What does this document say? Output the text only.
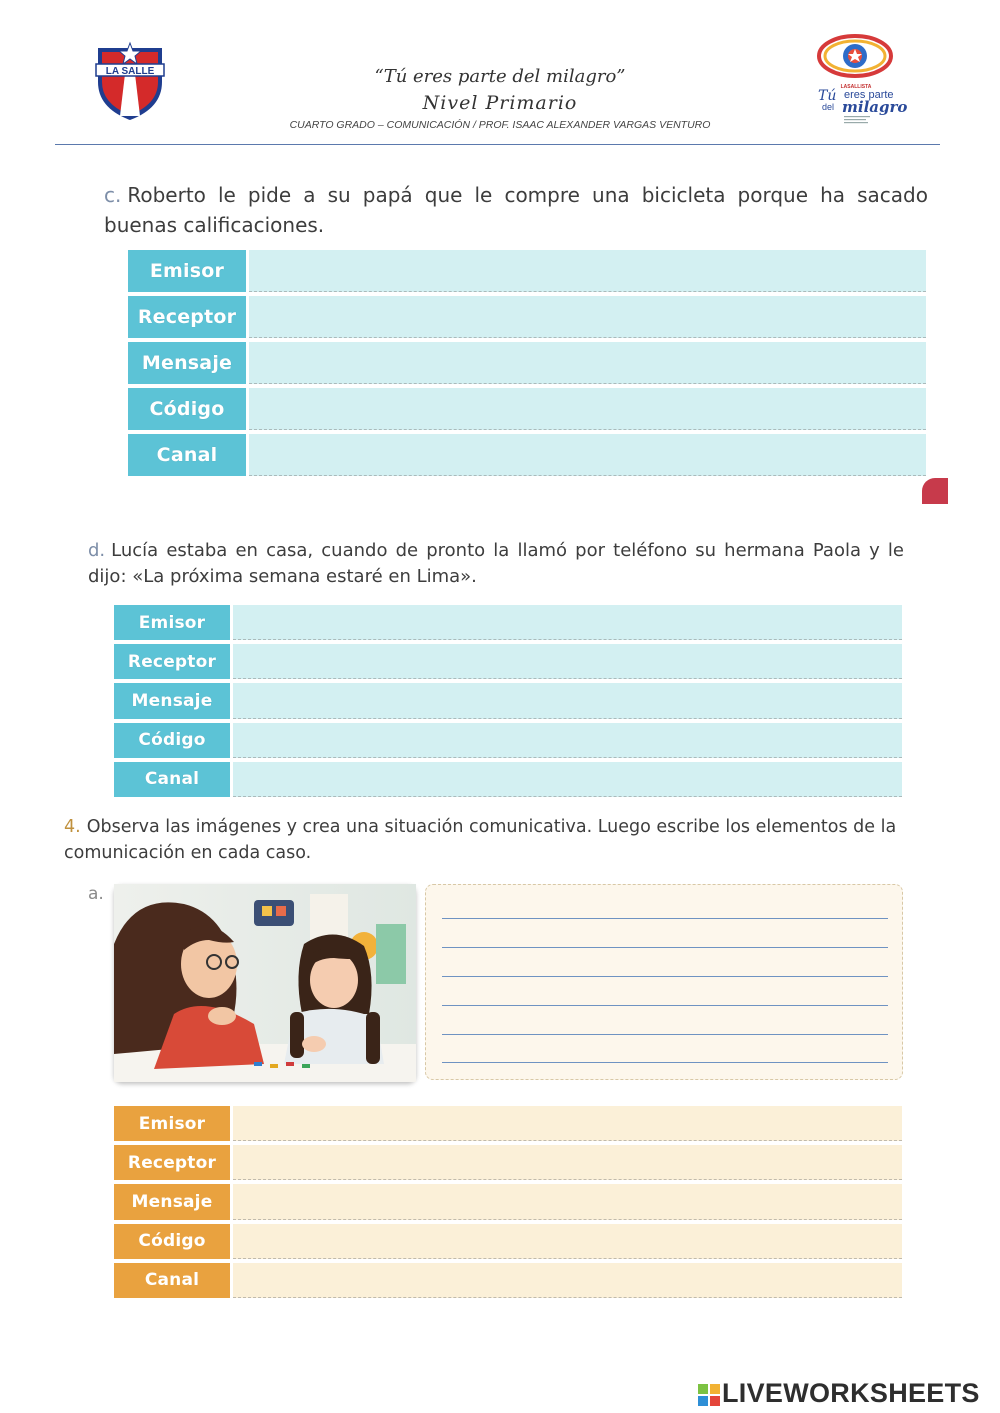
LA SALLE	“Tú eres parte del milagro”
Nivel Primario
CUARTO GRADO – COMUNICACIÓN / PROF. ISAAC ALEXANDER VARGAS VENTURO
LASALLISTA
Tú eres parte
del milagro
c. Roberto le pide a su papá que le compre una bicicleta porque ha sacado buenas calificaciones.
Emisor
Receptor
Mensaje
Código
Canal
d. Lucía estaba en casa, cuando de pronto la llamó por teléfono su hermana Paola y le dijo: «La próxima semana estaré en Lima».
Emisor
Receptor
Mensaje
Código
Canal
4. Observa las imágenes y crea una situación comunicativa. Luego escribe los elementos de la comunicación en cada caso.
a.
Emisor
Receptor
Mensaje
Código
Canal
LIVEWORKSHEETS
